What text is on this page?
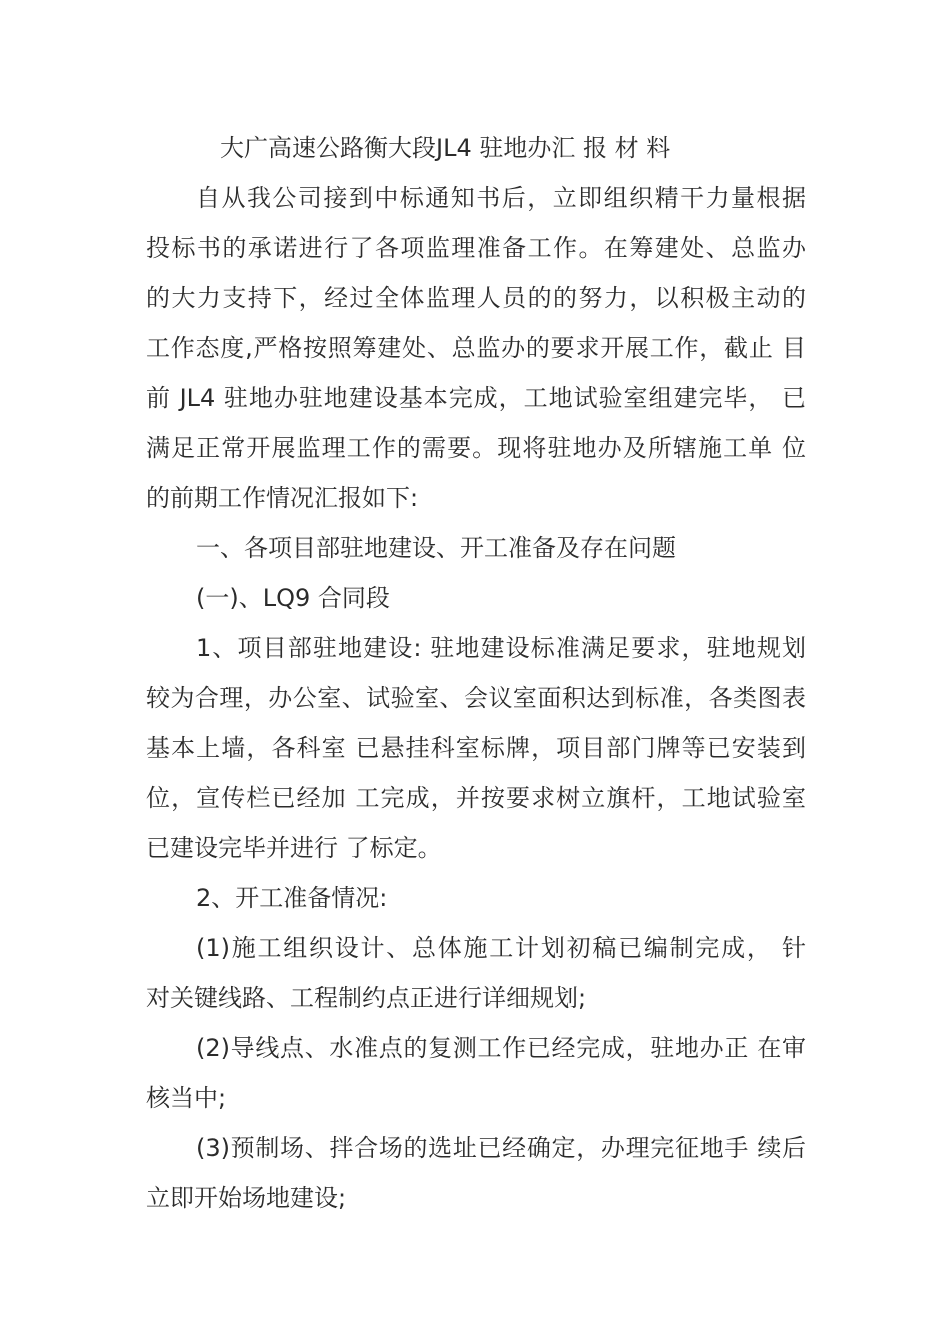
大广高速公路衡大段JL4 驻地办汇 报 材 料
自从我公司接到中标通知书后，立即组织精干力量根据
投标书的承诺进行了各项监理准备工作。在筹建处、总监办
的大力支持下，经过全体监理人员的的努力，以积极主动的
工作态度,严格按照筹建处、总监办的要求开展工作，截止 目
前 JL4 驻地办驻地建设基本完成，工地试验室组建完毕， 已
满足正常开展监理工作的需要。现将驻地办及所辖施工单 位
的前期工作情况汇报如下:
一、各项目部驻地建设、开工准备及存在问题
(一)、LQ9 合同段
1、项目部驻地建设: 驻地建设标准满足要求，驻地规划
较为合理，办公室、试验室、会议室面积达到标准，各类图表
基本上墙，各科室 已悬挂科室标牌，项目部门牌等已安装到
位，宣传栏已经加 工完成，并按要求树立旗杆，工地试验室
已建设完毕并进行 了标定。
2、开工准备情况:
(1)施工组织设计、总体施工计划初稿已编制完成， 针
对关键线路、工程制约点正进行详细规划;
(2)导线点、水准点的复测工作已经完成，驻地办正 在审
核当中;
(3)预制场、拌合场的选址已经确定，办理完征地手 续后
立即开始场地建设;
